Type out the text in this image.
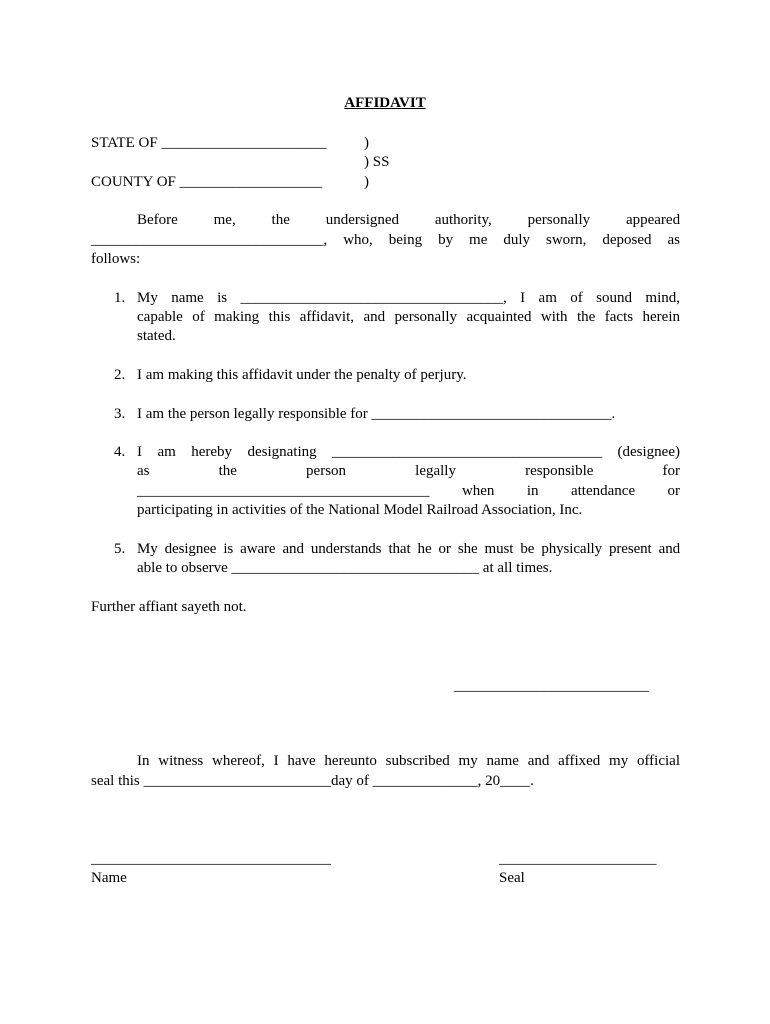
AFFIDAVIT
STATE OF ______________________	)
) SS
COUNTY OF ___________________	)
Before me, the undersigned authority, personally appeared
_______________________________, who, being by me duly sworn, deposed as
follows:
1. My name is ___________________________________, I am of sound mind,
capable of making this affidavit, and personally acquainted with the facts herein
stated.
2. I am making this affidavit under the penalty of perjury.
3. I am the person legally responsible for ________________________________.
4. I am hereby designating ____________________________________ (designee)
as	the	person	legally	responsible	for
_______________________________________ when in attendance or
participating in activities of the National Model Railroad Association, Inc.
5. My designee is aware and understands that he or she must be physically present and
able to observe _________________________________ at all times.
Further affiant sayeth not.
__________________________
In witness whereof, I have hereunto subscribed my name and affixed my official
seal this _________________________day of ______________, 20____.
________________________________	_____________________
Name	Seal
